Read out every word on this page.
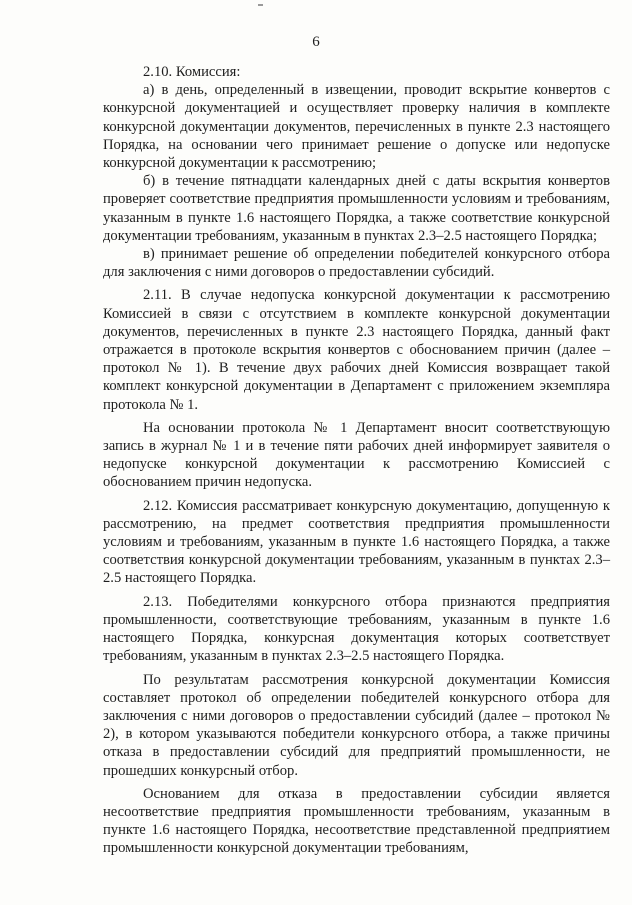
6

2.10. Комиссия:

а) в день, определенный в извещении, проводит вскрытие конвертов с конкурсной документацией и осуществляет проверку наличия в комплекте конкурсной документации документов, перечисленных в пункте 2.3 настоящего Порядка, на основании чего принимает решение о допуске или недопуске конкурсной документации к рассмотрению;

б) в течение пятнадцати календарных дней с даты вскрытия конвертов проверяет соответствие предприятия промышленности условиям и требованиям, указанным в пункте 1.6 настоящего Порядка, а также соответствие конкурсной документации требованиям, указанным в пунктах 2.3–2.5 настоящего Порядка;

в) принимает решение об определении победителей конкурсного отбора для заключения с ними договоров о предоставлении субсидий.

2.11. В случае недопуска конкурсной документации к рассмотрению Комиссией в связи с отсутствием в комплекте конкурсной документации документов, перечисленных в пункте 2.3 настоящего Порядка, данный факт отражается в протоколе вскрытия конвертов с обоснованием причин (далее – протокол № 1). В течение двух рабочих дней Комиссия возвращает такой комплект конкурсной документации в Департамент с приложением экземпляра протокола № 1.

На основании протокола № 1 Департамент вносит соответствующую запись в журнал № 1 и в течение пяти рабочих дней информирует заявителя о недопуске конкурсной документации к рассмотрению Комиссией с обоснованием причин недопуска.

2.12. Комиссия рассматривает конкурсную документацию, допущенную к рассмотрению, на предмет соответствия предприятия промышленности условиям и требованиям, указанным в пункте 1.6 настоящего Порядка, а также соответствия конкурсной документации требованиям, указанным в пунктах 2.3–2.5 настоящего Порядка.

2.13. Победителями конкурсного отбора признаются предприятия промышленности, соответствующие требованиям, указанным в пункте 1.6 настоящего Порядка, конкурсная документация которых соответствует требованиям, указанным в пунктах 2.3–2.5 настоящего Порядка.

По результатам рассмотрения конкурсной документации Комиссия составляет протокол об определении победителей конкурсного отбора для заключения с ними договоров о предоставлении субсидий (далее – протокол № 2), в котором указываются победители конкурсного отбора, а также причины отказа в предоставлении субсидий для предприятий промышленности, не прошедших конкурсный отбор.

Основанием для отказа в предоставлении субсидии является несоответствие предприятия промышленности требованиям, указанным в пункте 1.6 настоящего Порядка, несоответствие представленной предприятием промышленности конкурсной документации требованиям,
